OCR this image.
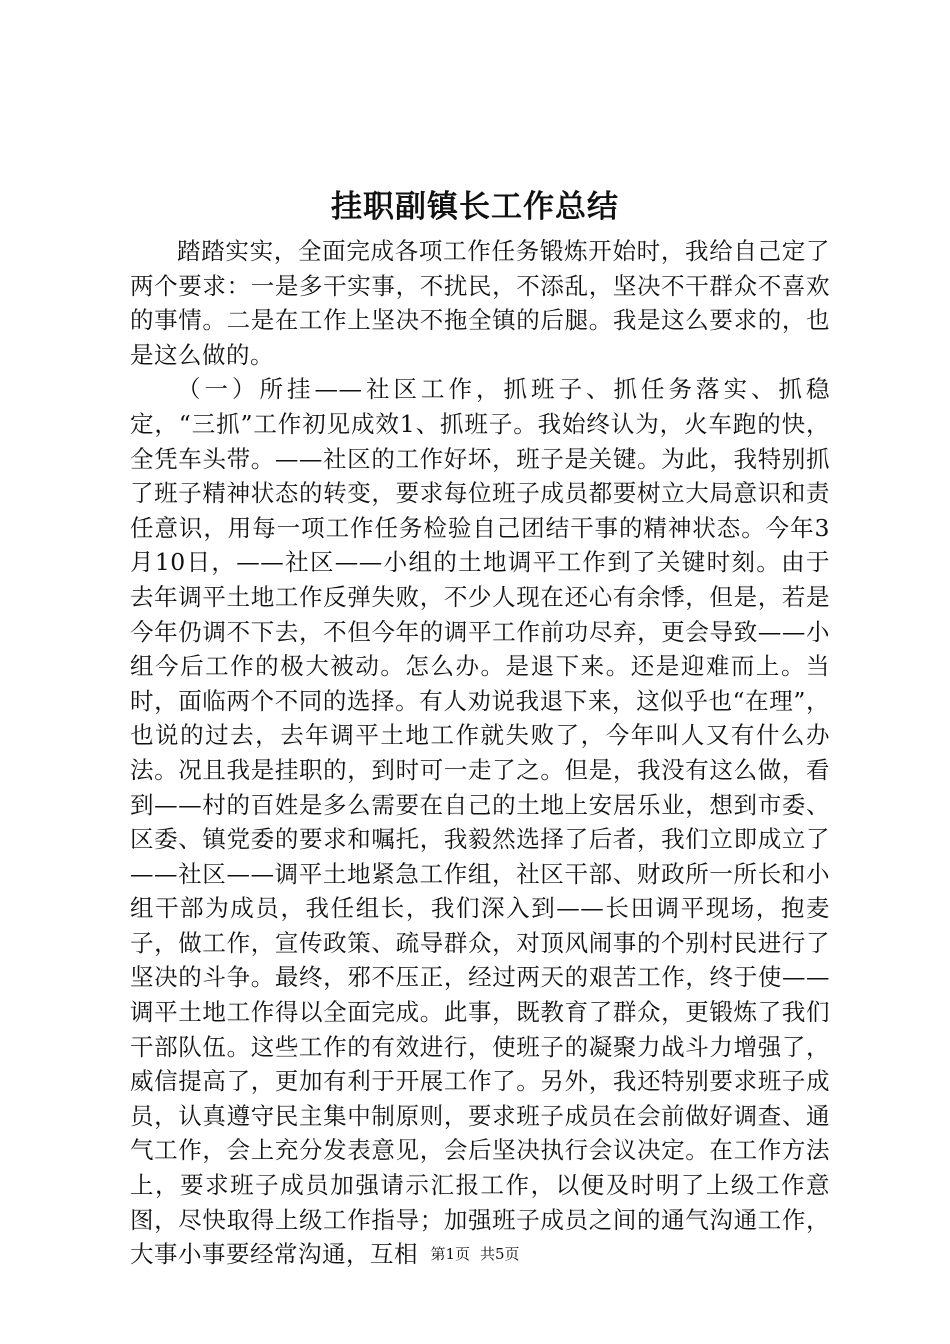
挂职副镇长工作总结

踏踏实实，全面完成各项工作任务锻炼开始时，我给自己定了两个要求：一是多干实事，不扰民，不添乱，坚决不干群众不喜欢的事情。二是在工作上坚决不拖全镇的后腿。我是这么要求的，也是这么做的。

（一）所挂——社区工作，抓班子、抓任务落实、抓稳定，“三抓”工作初见成效1、抓班子。我始终认为，火车跑的快，全凭车头带。——社区的工作好坏，班子是关键。为此，我特别抓了班子精神状态的转变，要求每位班子成员都要树立大局意识和责任意识，用每一项工作任务检验自己团结干事的精神状态。今年3月10日，——社区——小组的土地调平工作到了关键时刻。由于去年调平土地工作反弹失败，不少人现在还心有余悸，但是，若是今年仍调不下去，不但今年的调平工作前功尽弃，更会导致——小组今后工作的极大被动。怎么办。是退下来。还是迎难而上。当时，面临两个不同的选择。有人劝说我退下来，这似乎也“在理”，也说的过去，去年调平土地工作就失败了，今年叫人又有什么办法。况且我是挂职的，到时可一走了之。但是，我没有这么做，看到——村的百姓是多么需要在自己的土地上安居乐业，想到市委、区委、镇党委的要求和嘱托，我毅然选择了后者，我们立即成立了——社区——调平土地紧急工作组，社区干部、财政所一所长和小组干部为成员，我任组长，我们深入到——长田调平现场，抱麦子，做工作，宣传政策、疏导群众，对顶风闹事的个别村民进行了坚决的斗争。最终，邪不压正，经过两天的艰苦工作，终于使——调平土地工作得以全面完成。此事，既教育了群众，更锻炼了我们干部队伍。这些工作的有效进行，使班子的凝聚力战斗力增强了，威信提高了，更加有利于开展工作了。另外，我还特别要求班子成员，认真遵守民主集中制原则，要求班子成员在会前做好调查、通气工作，会上充分发表意见，会后坚决执行会议决定。在工作方法上，要求班子成员加强请示汇报工作，以便及时明了上级工作意图，尽快取得上级工作指导；加强班子成员之间的通气沟通工作，大事小事要经常沟通，互相 第1页 共5页
